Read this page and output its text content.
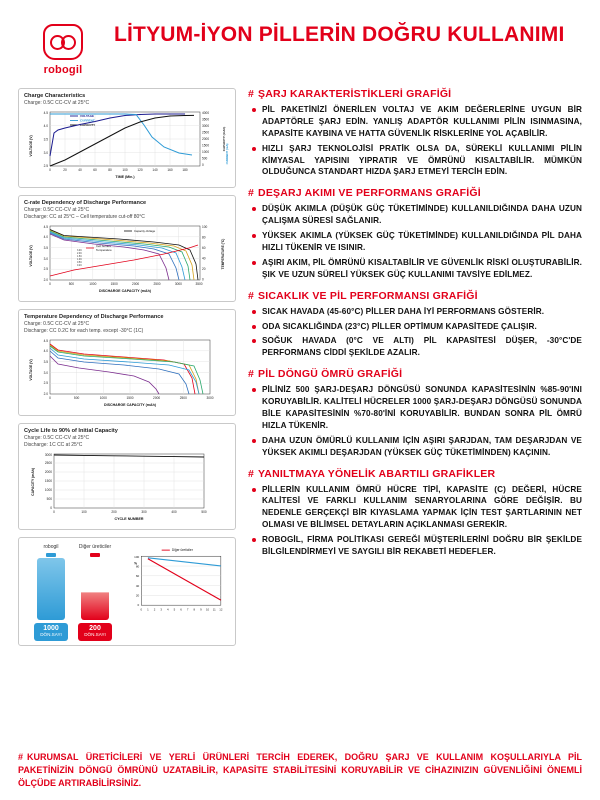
robogil
LİTYUM-İYON PİLLERİN DOĞRU KULLANIMI
Charge Characteristics
Charge: 0.5C CC-CV at 25°C
4.5
4.0
3.5
3.0
2.5
4000
3500
3000
2500
2000
1500
1000
500
0
0	20	40	60	80	100	120	140	160	180
TIME (Min.)
VOLTAGE (V)	CAPACITY (mAh)
CURRENT (mA)
VOLTAGE
CURRENT
CAPACITY
C-rate Dependency of Discharge Performance
Charge: 0.5C CC-CV at 25°C
Discharge: CC at 25°C – Cell temperature cut-off 80°C
4.5
4.0
3.5
3.0
2.5
2.0
100
80
60
40
20
0
0	500	1000	1500	2000	2500	3000	3500
DISCHARGE CAPACITY (mAh)
VOLTAGE (V)	TEMPERATURE (°C)
Capacity-Voltage
Cell Surface
Temperature
3.0C
2.0C
1.5C
1.0C
0.5C
0.2C
Temperature Dependency of Discharge Performance
Charge: 0.5C CC-CV at 25°C
Discharge: CC 0.2C for each temp. except -30°C (1C)
4.5
4.0
3.5
3.0
2.5
2.0
0	500	1000	1500	2000	2500	3000
DISCHARGE CAPACITY (mAh)
VOLTAGE (V)
Cycle Life to 90% of Initial Capacity
Charge: 0.5C CC-CV at 25°C
Discharge: 1C CC at 25°C
3000
2500
2000
1500
1000
500
0
0	100	200	300	400	500
CYCLE NUMBER
CAPACITY (mAh)
robogil
1000
DÖN.SAYI
Diğer üreticiler
200
DÖN.SAYI
Diğer üreticiler
100
80
60
40
20
0
%
0 1 2 3 4 5 6 7 8 9 10 11 12
# ŞARJ KARAKTERİSTİKLERİ GRAFİĞİ
PİL PAKETİNİZİ ÖNERİLEN VOLTAJ VE AKIM DEĞERLERİNE UYGUN BİR ADAPTÖRLE ŞARJ EDİN. YANLIŞ ADAPTÖR KULLANIMI PİLİN ISINMASINA, KAPASİTE KAYBINA VE HATTA GÜVENLİK RİSKLERİNE YOL AÇABİLİR.
HIZLI ŞARJ TEKNOLOJİSİ PRATİK OLSA DA, SÜREKLİ KULLANIMI PİLİN KİMYASAL YAPISINI YIPRATIR VE ÖMRÜNÜ KISALTABİLİR. MÜMKÜN OLDUĞUNCA STANDART HIZDA ŞARJ ETMEYİ TERCİH EDİN.
# DEŞARJ AKIMI VE PERFORMANS GRAFİĞİ
DÜŞÜK AKIMLA (DÜŞÜK GÜÇ TÜKETİMİNDE) KULLANILDIĞINDA DAHA UZUN ÇALIŞMA SÜRESİ SAĞLANIR.
YÜKSEK AKIMLA (YÜKSEK GÜÇ TÜKETİMİNDE) KULLANILDIĞINDA PİL DAHA HIZLI TÜKENİR VE ISINIR.
AŞIRI AKIM, PİL ÖMRÜNÜ KISALTABİLİR VE GÜVENLİK RİSKİ OLUŞTURABİLİR. ŞIK VE UZUN SÜRELİ YÜKSEK GÜÇ KULLANIMI TAVSİYE EDİLMEZ.
# SICAKLIK VE PİL PERFORMANSI GRAFİĞİ
SICAK HAVADA (45-60°C) PİLLER DAHA İYİ PERFORMANS GÖSTERİR.
ODA SICAKLIĞINDA (23°C) PİLLER OPTİMUM KAPASİTEDE ÇALIŞIR.
SOĞUK HAVADA (0°C VE ALTI) PİL KAPASİTESİ DÜŞER, -30°C'DE PERFORMANS CİDDİ ŞEKİLDE AZALIR.
# PİL DÖNGÜ ÖMRÜ GRAFİĞİ
PİLİNİZ 500 ŞARJ-DEŞARJ DÖNGÜSÜ SONUNDA KAPASİTESİNİN %85-90'INI KORUYABİLİR. KALİTELİ HÜCRELER 1000 ŞARJ-DEŞARJ DÖNGÜSÜ SONUNDA BİLE KAPASİTESİNİN %70-80'İNİ KORUYABİLİR. BUNDAN SONRA PİL ÖMRÜ HIZLA TÜKENİR.
DAHA UZUN ÖMÜRLÜ KULLANIM İÇİN AŞIRI ŞARJDAN, TAM DEŞARJDAN VE YÜKSEK AKIMLI DEŞARJDAN (YÜKSEK GÜÇ TÜKETİMİNDEN) KAÇININ.
# YANILTMAYA YÖNELİK ABARTILI GRAFİKLER
PİLLERİN KULLANIM ÖMRÜ HÜCRE TİPİ, KAPASİTE (C) DEĞERİ, HÜCRE KALİTESİ VE FARKLI KULLANIM SENARYOLARINA GÖRE DEĞİŞİR. BU NEDENLE GERÇEKÇİ BİR KIYASLAMA YAPMAK İÇİN TEST ŞARTLARININ NET OLMASI VE BİLİMSEL DETAYLARIN AÇIKLANMASI GEREKİR.
ROBOGİL, FİRMA POLİTİKASI GEREĞİ MÜŞTERİLERİNİ DOĞRU BİR ŞEKİLDE BİLGİLENDİRMEYİ VE SAYGILI BİR REKABETİ HEDEFLER.
# KURUMSAL ÜRETİCİLERİ VE YERLİ ÜRÜNLERİ TERCİH EDEREK, DOĞRU ŞARJ VE KULLANIM KOŞULLARIYLA PİL PAKETİNİZİN DÖNGÜ ÖMRÜNÜ UZATABİLİR, KAPASİTE STABİLİTESİNİ KORUYABİLİR VE CİHAZINIZIN GÜVENLİĞİNİ ÖNEMLİ ÖLÇÜDE ARTIRABİLİRSİNİZ.
